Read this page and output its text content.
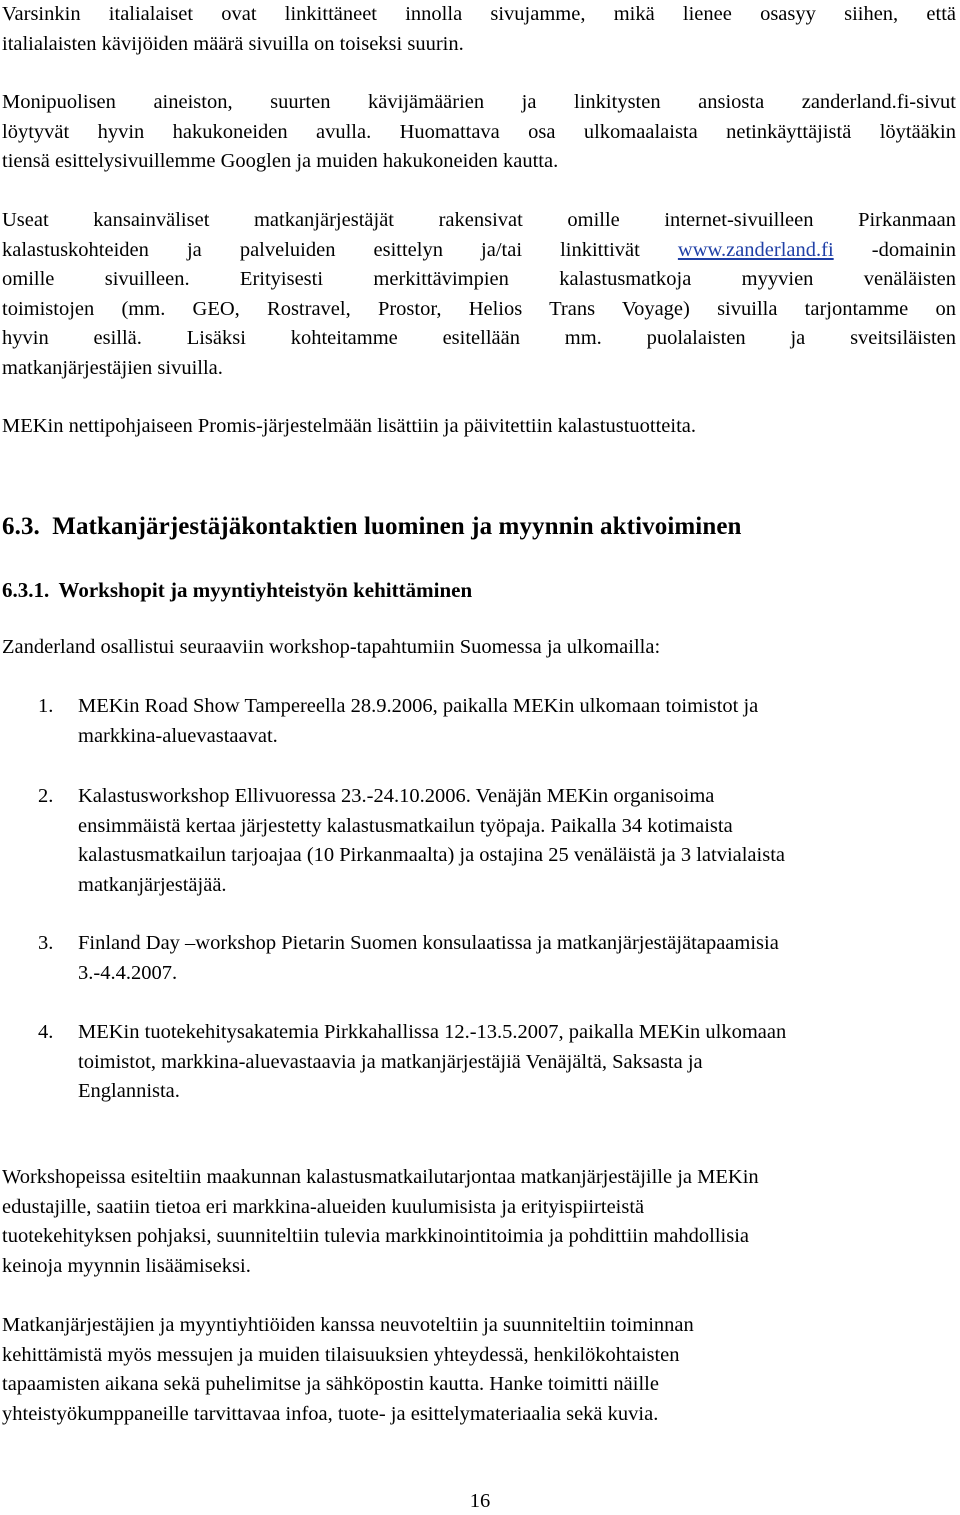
Varsinkin italialaiset ovat linkittäneet innolla sivujamme, mikä lienee osasyy siihen, että

italialaisten kävijöiden määrä sivuilla on toiseksi suurin.

Monipuolisen aineiston, suurten kävijämäärien ja linkitysten ansiosta zanderland.fi-sivut

löytyvät hyvin hakukoneiden avulla. Huomattava osa ulkomaalaista netinkäyttäjistä löytääkin

tiensä esittelysivuillemme Googlen ja muiden hakukoneiden kautta.

Useat kansainväliset matkanjärjestäjät rakensivat omille internet-sivuilleen Pirkanmaan

kalastuskohteiden ja palveluiden esittelyn ja/tai linkittivät www.zanderland.fi -domainin

omille sivuilleen. Erityisesti merkittävimpien kalastusmatkoja myyvien venäläisten

toimistojen (mm. GEO, Rostravel, Prostor, Helios Trans Voyage) sivuilla tarjontamme on

hyvin esillä. Lisäksi kohteitamme esitellään mm. puolalaisten ja sveitsiläisten

matkanjärjestäjien sivuilla.

MEKin nettipohjaiseen Promis-järjestelmään lisättiin ja päivitettiin kalastustuotteita.

6.3. Matkanjärjestäjäkontaktien luominen ja myynnin aktivoiminen
6.3.1. Workshopit ja myyntiyhteistyön kehittäminen

Zanderland osallistui seuraaviin workshop-tapahtumiin Suomessa ja ulkomailla:

1. MEKin Road Show Tampereella 28.9.2006, paikalla MEKin ulkomaan toimistot ja
markkina-aluevastaavat.
2. Kalastusworkshop Ellivuoressa 23.-24.10.2006. Venäjän MEKin organisoima
ensimmäistä kertaa järjestetty kalastusmatkailun työpaja. Paikalla 34 kotimaista
kalastusmatkailun tarjoajaa (10 Pirkanmaalta) ja ostajina 25 venäläistä ja 3 latvialaista
matkanjärjestäjää.
3. Finland Day –workshop Pietarin Suomen konsulaatissa ja matkanjärjestäjätapaamisia
3.-4.4.2007.
4. MEKin tuotekehitysakatemia Pirkkahallissa 12.-13.5.2007, paikalla MEKin ulkomaan
toimistot, markkina-aluevastaavia ja matkanjärjestäjiä Venäjältä, Saksasta ja
Englannista.

Workshopeissa esiteltiin maakunnan kalastusmatkailutarjontaa matkanjärjestäjille ja MEKin

edustajille, saatiin tietoa eri markkina-alueiden kuulumisista ja erityispiirteistä

tuotekehityksen pohjaksi, suunniteltiin tulevia markkinointitoimia ja pohdittiin mahdollisia

keinoja myynnin lisäämiseksi.

Matkanjärjestäjien ja myyntiyhtiöiden kanssa neuvoteltiin ja suunniteltiin toiminnan

kehittämistä myös messujen ja muiden tilaisuuksien yhteydessä, henkilökohtaisten

tapaamisten aikana sekä puhelimitse ja sähköpostin kautta. Hanke toimitti näille

yhteistyökumppaneille tarvittavaa infoa, tuote- ja esittelymateriaalia sekä kuvia.

16
